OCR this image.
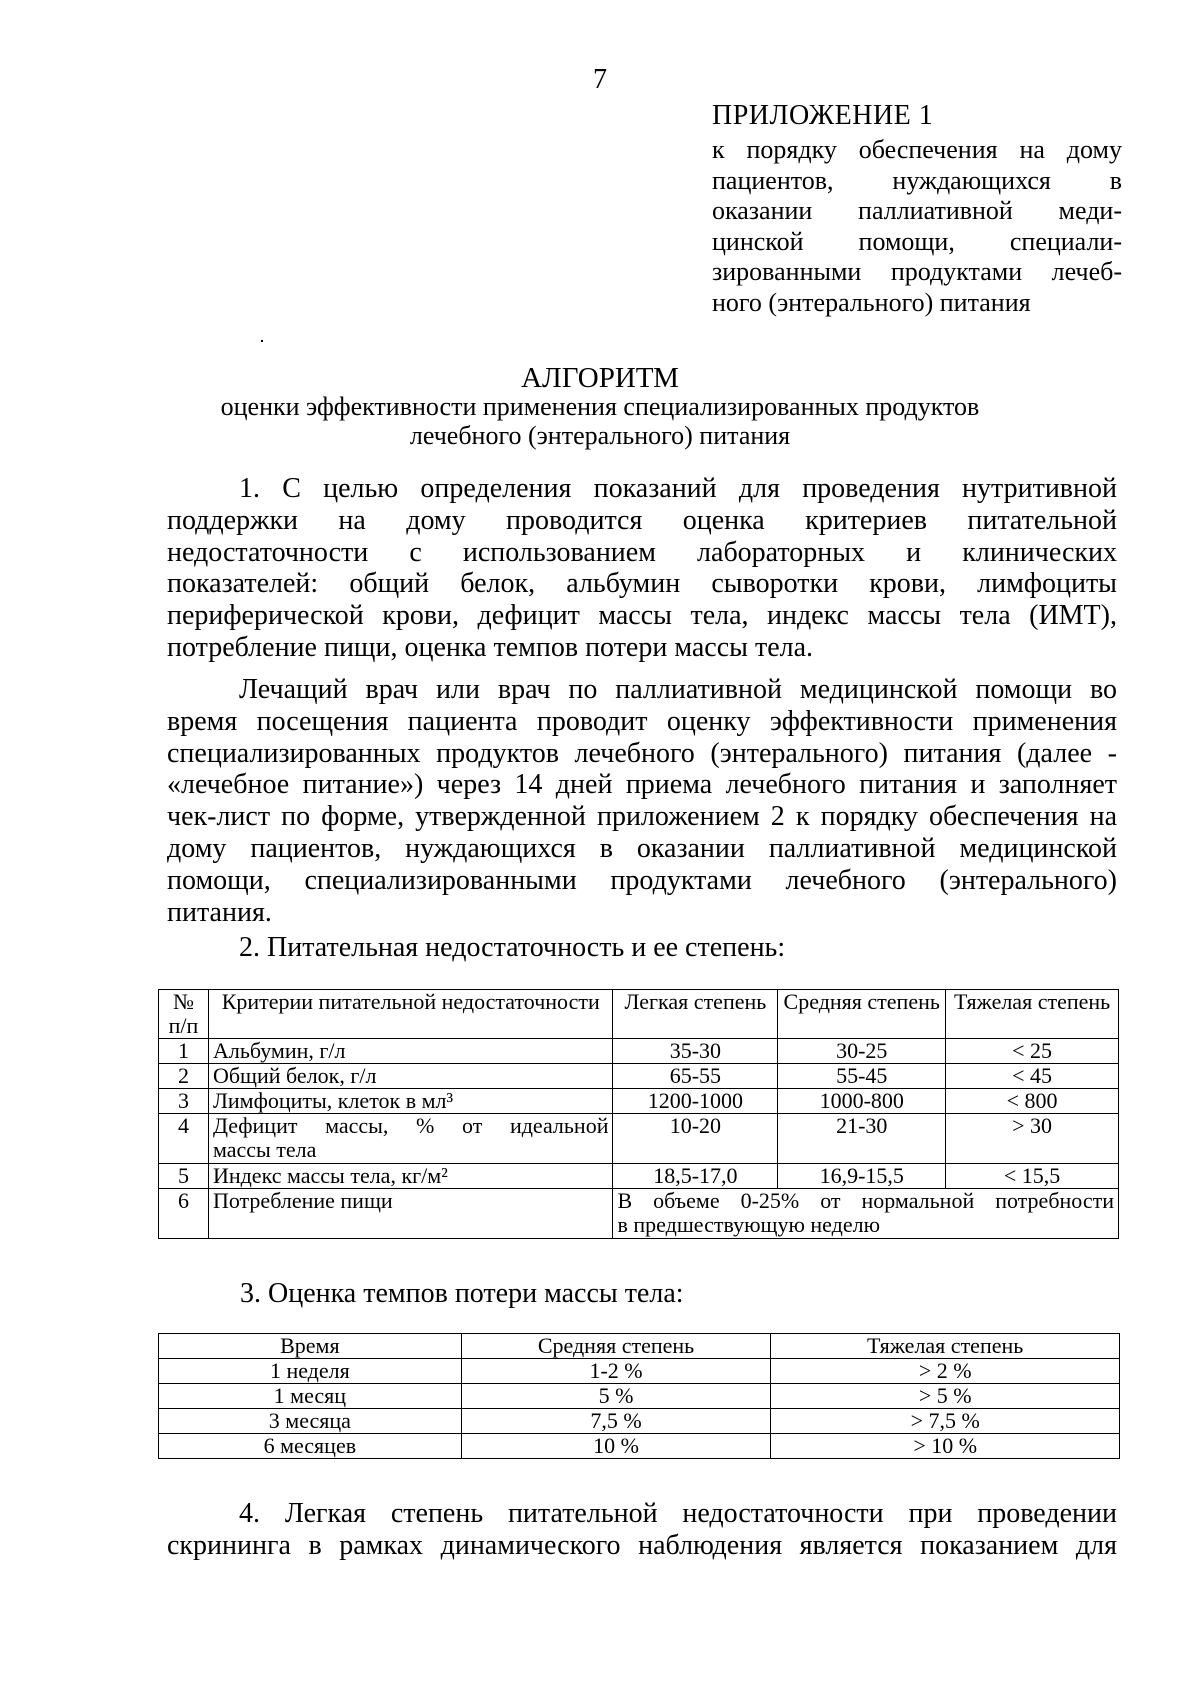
7
ПРИЛОЖЕНИЕ 1
к порядку обеспечения на дому
пациентов, нуждающихся в
оказании паллиативной меди-
цинской помощи, специали-
зированными продуктами лечеб-
ного (энтерального) питания
АЛГОРИТМ
оценки эффективности применения специализированных продуктов
лечебного (энтерального) питания
1. С целью определения показаний для проведения нутритивной
поддержки на дому проводится оценка критериев питательной
недостаточности с использованием лабораторных и клинических
показателей: общий белок, альбумин сыворотки крови, лимфоциты
периферической крови, дефицит массы тела, индекс массы тела (ИМТ),
потребление пищи, оценка темпов потери массы тела.
Лечащий врач или врач по паллиативной медицинской помощи во
время посещения пациента проводит оценку эффективности применения
специализированных продуктов лечебного (энтерального) питания (далее -
«лечебное питание») через 14 дней приема лечебного питания и заполняет
чек-лист по форме, утвержденной приложением 2 к порядку обеспечения на
дому пациентов, нуждающихся в оказании паллиативной медицинской
помощи, специализированными продуктами лечебного (энтерального)
питания.
2. Питательная недостаточность и ее степень:
№ п/п	Критерии питательной недостаточности	Легкая степень	Средняя степень	Тяжелая степень
1	Альбумин, г/л	35-30	30-25	< 25
2	Общий белок, г/л	65-55	55-45	< 45
3	Лимфоциты, клеток в мл³	1200-1000	1000-800	< 800
4	Дефицит массы, % от идеальной
массы тела	10-20	21-30	> 30
5	Индекс массы тела, кг/м²	18,5-17,0	16,9-15,5	< 15,5
6	Потребление пищи	В объеме 0-25% от нормальной потребности
в предшествующую неделю		
3. Оценка темпов потери массы тела:
Время	Средняя степень	Тяжелая степень
1 неделя	1-2 %	> 2 %
1 месяц	5 %	> 5 %
3 месяца	7,5 %	> 7,5 %
6 месяцев	10 %	> 10 %
4. Легкая степень питательной недостаточности при проведении
скрининга в рамках динамического наблюдения является показанием для
